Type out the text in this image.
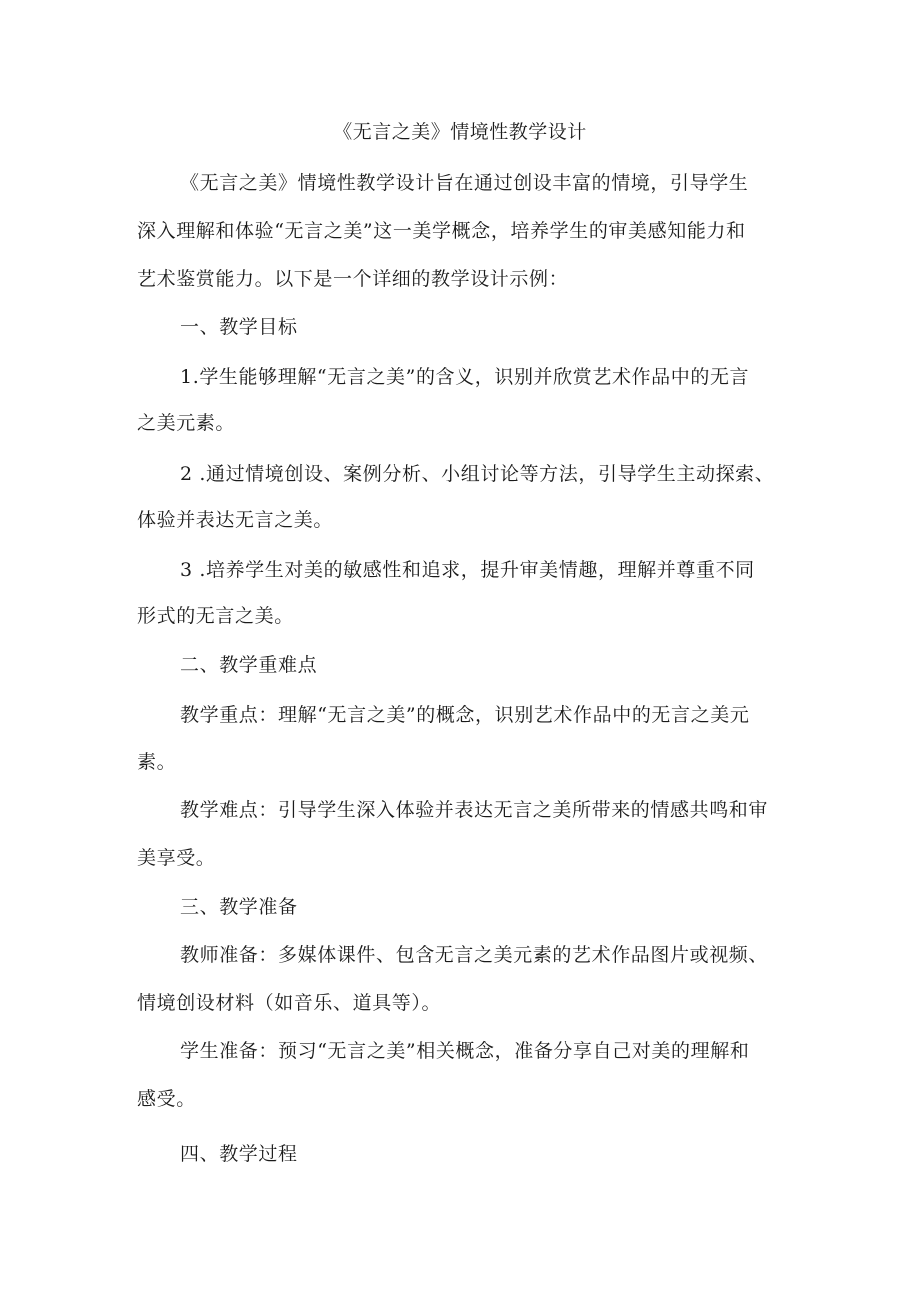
《无言之美》情境性教学设计
《无言之美》情境性教学设计旨在通过创设丰富的情境，引导学生
深入理解和体验“无言之美”这一美学概念，培养学生的审美感知能力和
艺术鉴赏能力。以下是一个详细的教学设计示例：
一、教学目标
1.学生能够理解“无言之美”的含义，识别并欣赏艺术作品中的无言
之美元素。
2 .通过情境创设、案例分析、小组讨论等方法，引导学生主动探索、
体验并表达无言之美。
3 .培养学生对美的敏感性和追求，提升审美情趣，理解并尊重不同
形式的无言之美。
二、教学重难点
教学重点：理解“无言之美”的概念，识别艺术作品中的无言之美元
素。
教学难点：引导学生深入体验并表达无言之美所带来的情感共鸣和审
美享受。
三、教学准备
教师准备：多媒体课件、包含无言之美元素的艺术作品图片或视频、
情境创设材料（如音乐、道具等）。
学生准备：预习“无言之美”相关概念，准备分享自己对美的理解和
感受。
四、教学过程
